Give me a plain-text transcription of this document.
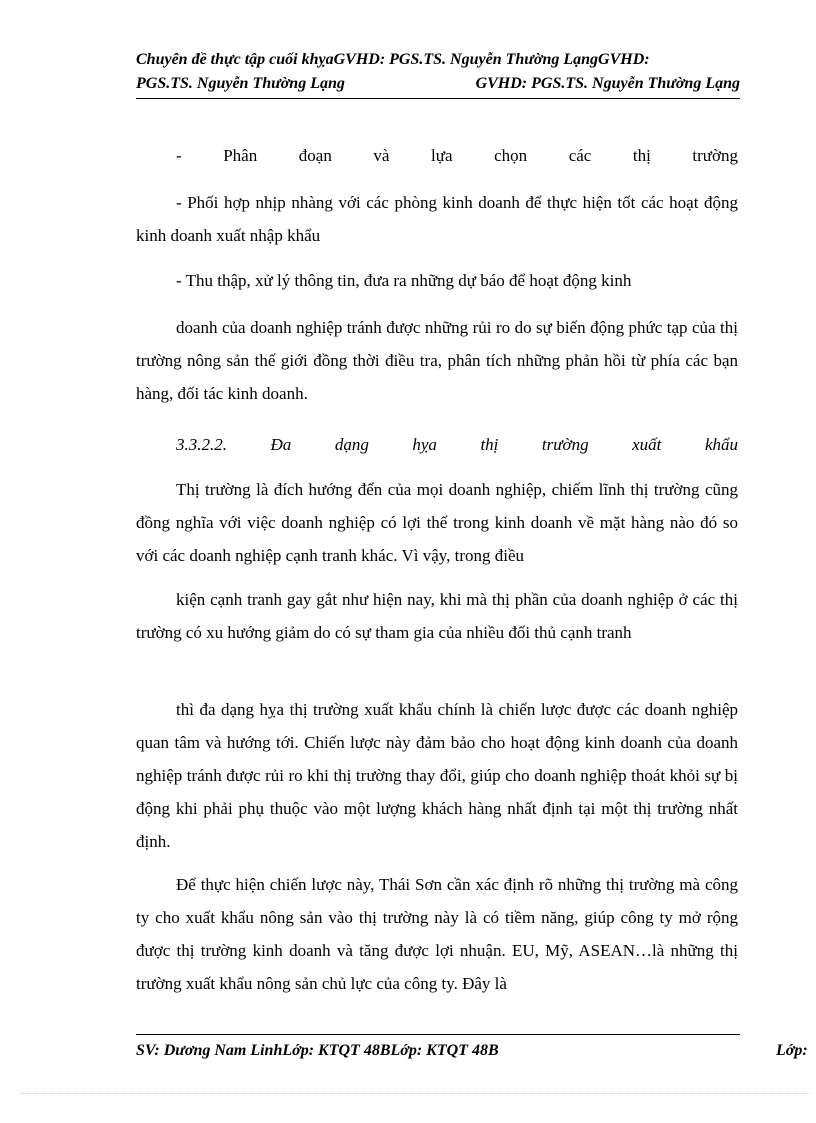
Chuyên đề thực tập cuối khỵaGVHD: PGS.TS. Nguyễn Thường LạngGVHD:
PGS.TS. Nguyễn Thường Lạng	GVHD: PGS.TS. Nguyễn Thường Lạng

- Phân đoạn và lựa chọn các thị trường

- Phối hợp nhịp nhàng với các phòng kinh doanh để thực hiện tốt các hoạt động kinh doanh xuất nhập khẩu

- Thu thập, xử lý thông tin, đưa ra những dự báo để hoạt động kinh

doanh của doanh nghiệp tránh được những rủi ro do sự biến động phức tạp của thị trường nông sản thế giới đồng thời điều tra, phân tích những phản hồi từ phía các bạn hàng, đối tác kinh doanh.

3.3.2.2. Đa dạng hỵa thị trường xuất khẩu

Thị trường là đích hướng đến của mọi doanh nghiệp, chiếm lĩnh thị trường cũng đồng nghĩa với việc doanh nghiệp có lợi thế trong kinh doanh về mặt hàng nào đó so với các doanh nghiệp cạnh tranh khác. Vì vậy, trong điều

kiện cạnh tranh gay gắt như hiện nay, khi mà thị phần của doanh nghiệp ở các thị trường có xu hướng giảm do có sự tham gia của nhiều đối thủ cạnh tranh

thì đa dạng hỵa thị trường xuất khẩu chính là chiến lược được các doanh nghiệp quan tâm và hướng tới. Chiến lược này đảm bảo cho hoạt động kinh doanh của doanh nghiệp tránh được rủi ro khi thị trường thay đổi, giúp cho doanh nghiệp thoát khỏi sự bị động khi phải phụ thuộc vào một lượng khách hàng nhất định tại một thị trường nhất định.

Để thực hiện chiến lược này, Thái Sơn cần xác định rõ những thị trường mà công ty cho xuất khẩu nông sản vào thị trường này là có tiềm năng, giúp công ty mở rộng được thị trường kinh doanh và tăng được lợi nhuận. EU, Mỹ, ASEAN…là những thị trường xuất khẩu nông sản chủ lực của công ty. Đây là

SV: Dương Nam LinhLớp: KTQT 48BLớp: KTQT 48B	Lớp:
